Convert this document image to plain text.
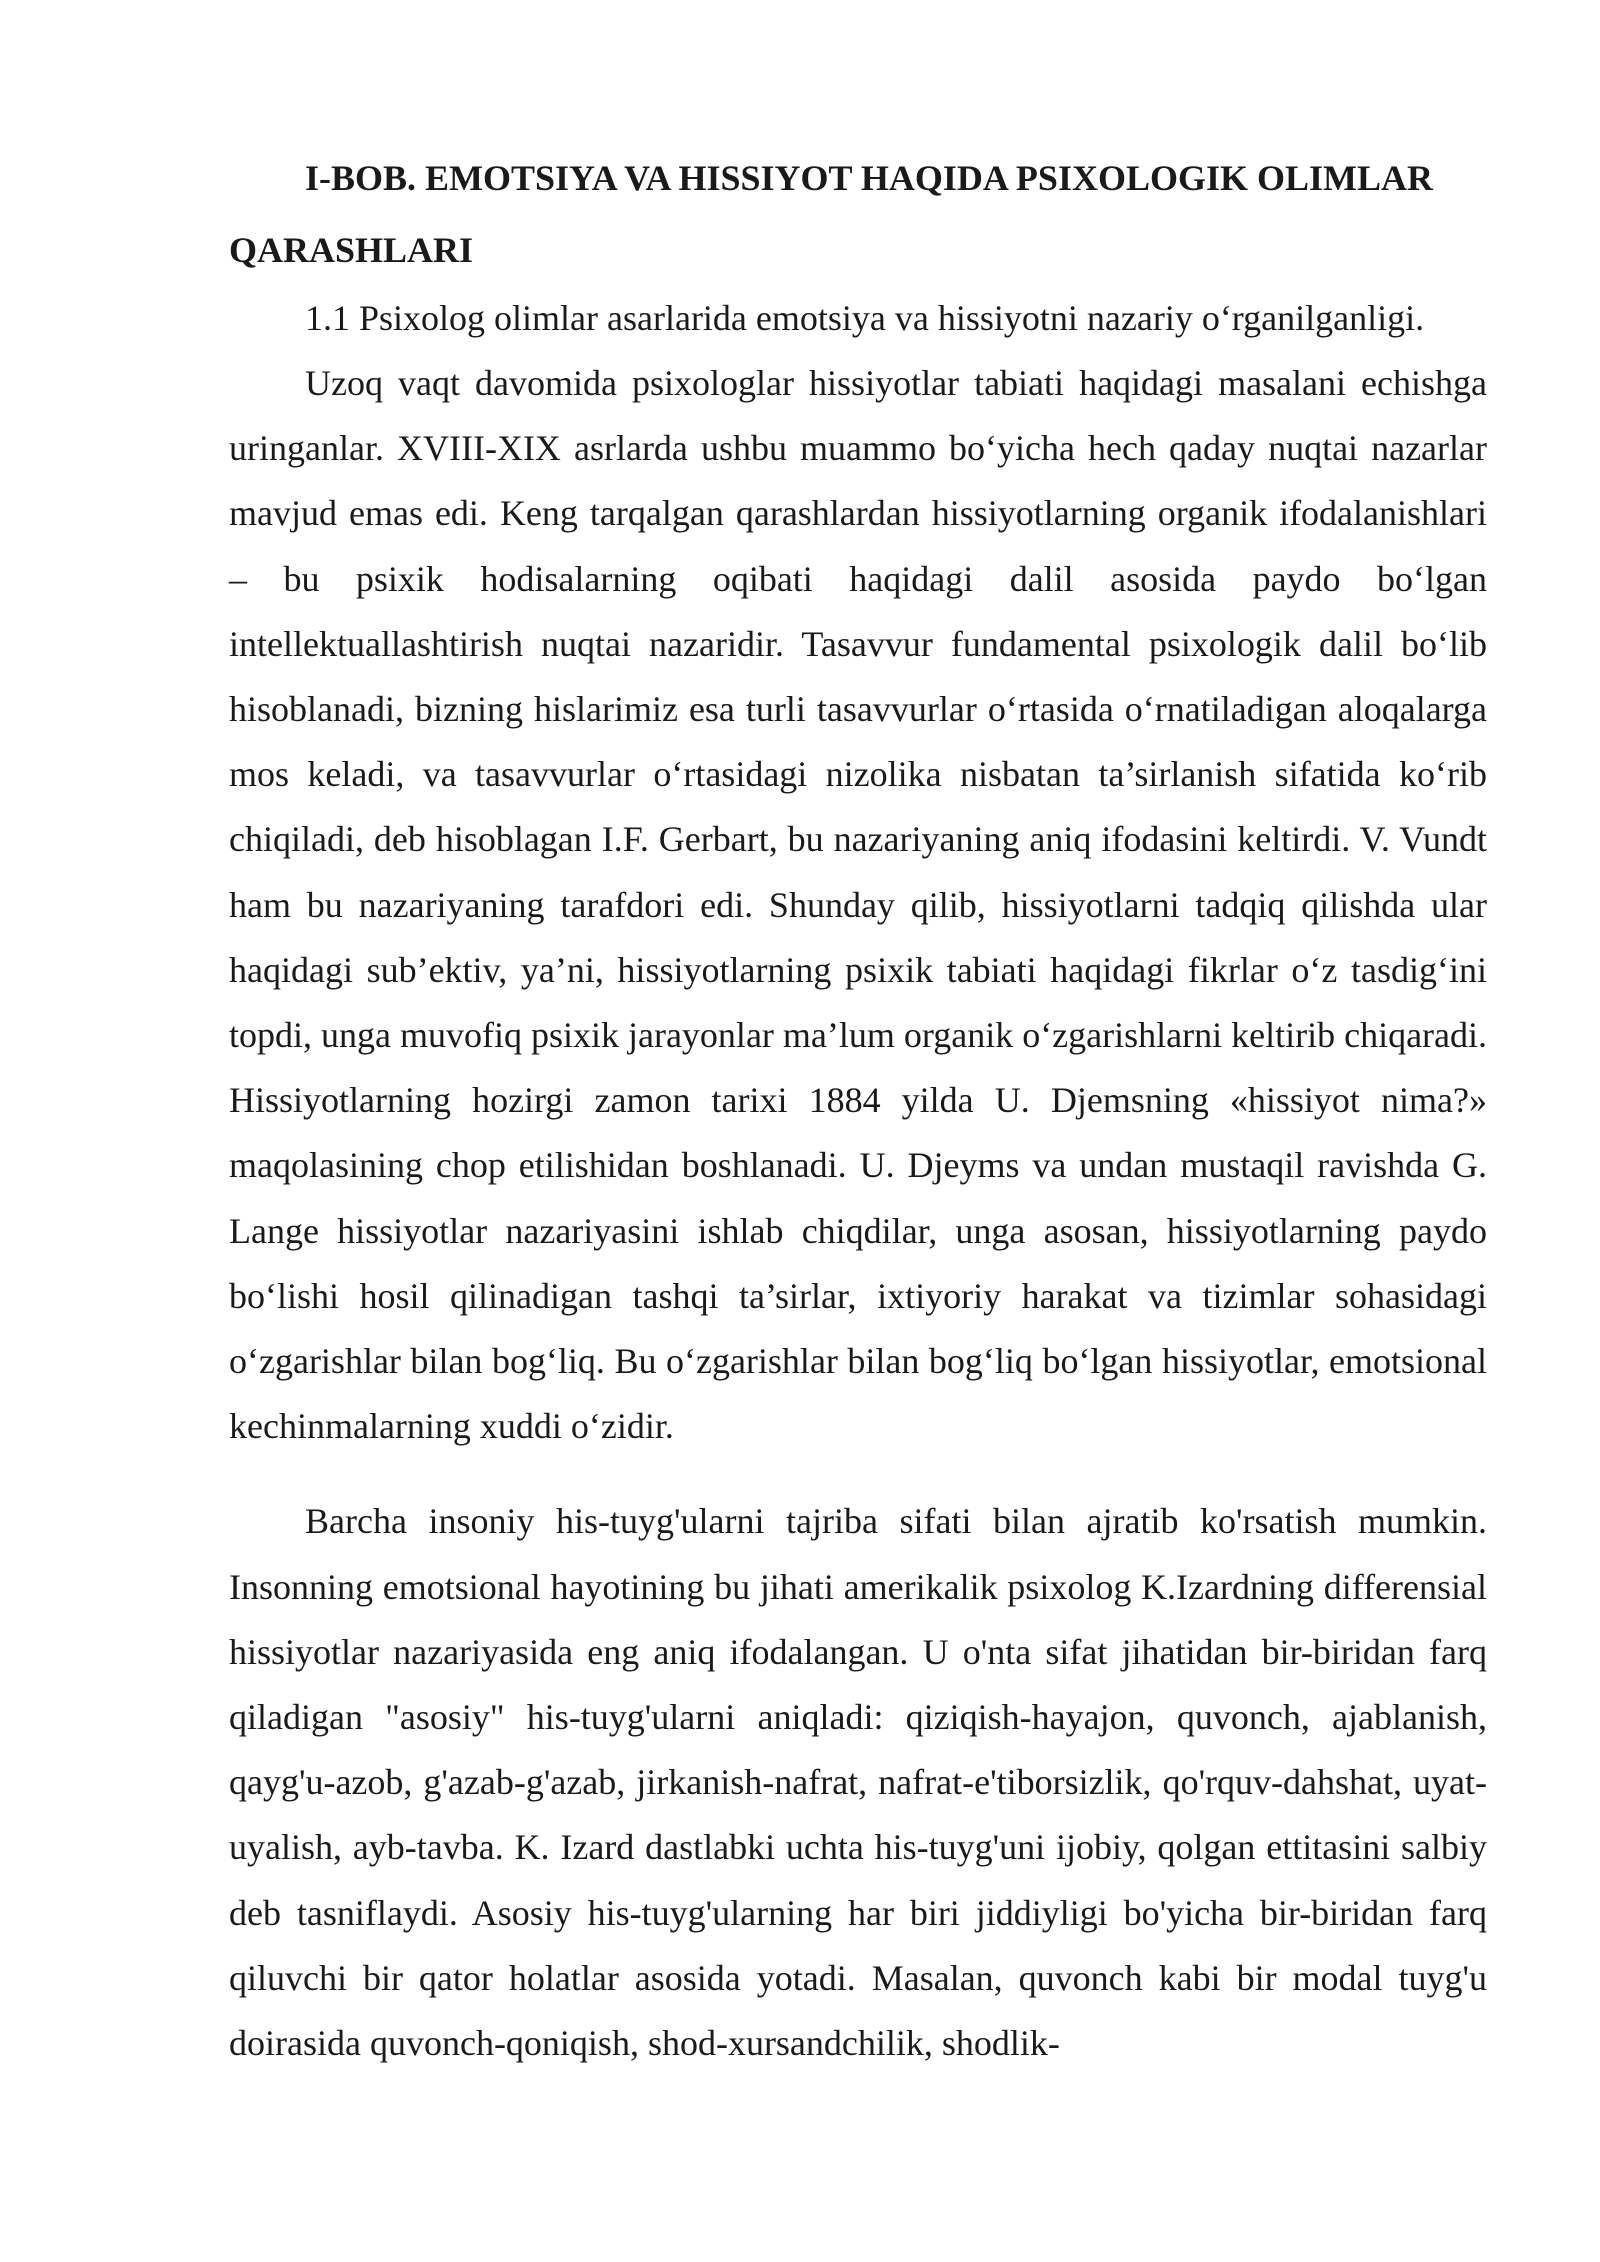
I-BOB. EMOTSIYA VA HISSIYOT HAQIDA PSIXOLOGIK OLIMLAR QARASHLARI

1.1 Psixolog olimlar asarlarida emotsiya va hissiyotni nazariy o‘rganilganligi.

Uzoq vaqt davomida psixologlar hissiyotlar tabiati haqidagi masalani echishga uringanlar. XVIII-XIX asrlarda ushbu muammo bo‘yicha hech qaday nuqtai nazarlar mavjud emas edi. Keng tarqalgan qarashlardan hissiyotlarning organik ifodalanishlari – bu psixik hodisalarning oqibati haqidagi dalil asosida paydo bo‘lgan intellektuallashtirish nuqtai nazaridir. Tasavvur fundamental psixologik dalil bo‘lib hisoblanadi, bizning hislarimiz esa turli tasavvurlar o‘rtasida o‘rnatiladigan aloqalarga mos keladi, va tasavvurlar o‘rtasidagi nizolika nisbatan ta’sirlanish sifatida ko‘rib chiqiladi, deb hisoblagan I.F. Gerbart, bu nazariyaning aniq ifodasini keltirdi. V. Vundt ham bu nazariyaning tarafdori edi. Shunday qilib, hissiyotlarni tadqiq qilishda ular haqidagi sub’ektiv, ya’ni, hissiyotlarning psixik tabiati haqidagi fikrlar o‘z tasdig‘ini topdi, unga muvofiq psixik jarayonlar ma’lum organik o‘zgarishlarni keltirib chiqaradi. Hissiyotlarning hozirgi zamon tarixi 1884 yilda U. Djemsning «hissiyot nima?» maqolasining chop etilishidan boshlanadi. U. Djeyms va undan mustaqil ravishda G. Lange hissiyotlar nazariyasini ishlab chiqdilar, unga asosan, hissiyotlarning paydo bo‘lishi hosil qilinadigan tashqi ta’sirlar, ixtiyoriy harakat va tizimlar sohasidagi o‘zgarishlar bilan bog‘liq. Bu o‘zgarishlar bilan bog‘liq bo‘lgan hissiyotlar, emotsional kechinmalarning xuddi o‘zidir.

Barcha insoniy his-tuyg'ularni tajriba sifati bilan ajratib ko'rsatish mumkin. Insonning emotsional hayotining bu jihati amerikalik psixolog K.Izardning differensial hissiyotlar nazariyasida eng aniq ifodalangan. U o'nta sifat jihatidan bir-biridan farq qiladigan "asosiy" his-tuyg'ularni aniqladi: qiziqish-hayajon, quvonch, ajablanish, qayg'u-azob, g'azab-g'azab, jirkanish-nafrat, nafrat-e'tiborsizlik, qo'rquv-dahshat, uyat-uyalish, ayb-tavba. K. Izard dastlabki uchta his-tuyg'uni ijobiy, qolgan ettitasini salbiy deb tasniflaydi. Asosiy his-tuyg'ularning har biri jiddiyligi bo'yicha bir-biridan farq qiluvchi bir qator holatlar asosida yotadi. Masalan, quvonch kabi bir modal tuyg'u doirasida quvonch-qoniqish, shod-xursandchilik, shodlik-
